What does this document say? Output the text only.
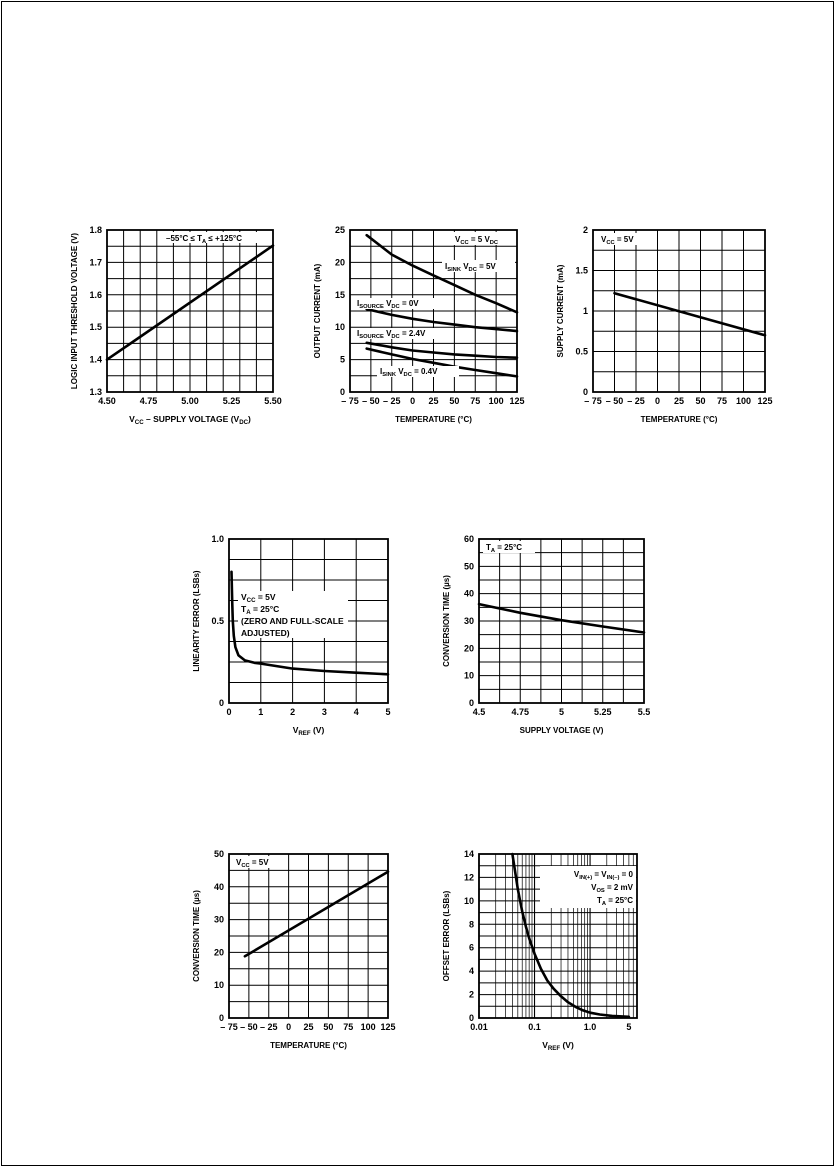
4.50	4.75	5.00	5.25	5.50
1.3
1.4
1.5
1.6
1.7
1.8
$V_{CC}$ – SUPPLY VOLTAGE $(V_{DC})$
LOGIC INPUT THRESHOLD VOLTAGE (V)
– 75 – 50 – 25 0 25 50 75 100 125
0
5
10
15
20
25
TEMPERATURE (°C)
OUTPUT CURRENT (mA)
– 75 – 50 – 25 0 25 50 75 100 125
0
0.5
1
1.5
2
TEMPERATURE (°C)
SUPPLY CURRENT (mA)
0	1	2	3	4	5
0
0.5
1.0
$V_{REF}$ (V)
LINEARITY ERROR (LSBs)
4.5	4.75	5	5.25	5.5
0
10
20
30
40
50
60
SUPPLY VOLTAGE (V)
CONVERSION TIME (µs)
– 75 – 50 – 25 0 25 50 75 100 125
0
10
20
30
40
50
TEMPERATURE (°C)
CONVERSION TIME (µs)
0.01	0.1	1.0	5
0
2
4
6
8
10
12
14
$V_{REF}$ (V)
OFFSET ERROR (LSBs)
$-55^\circ C \le T_A \le +125^\circ C$	$V_{CC} = 5$ $V_{DC}$
$I_{SINK}$ $V_{DC} = 5V$
$I_{SOURCE}$ $V_{DC} = 0V$
$I_{SOURCE}$ $V_{DC} = 2.4V$
$I_{SINK}$ $V_{DC} = 0.4V$
$V_{CC} = 5V$
$V_{CC} = 5V$
$T_A = 25^\circ C$
(ZERO AND FULL-SCALE
ADJUSTED)
$T_A = 25^\circ C$
$V_{CC} = 5V$
$V_{IN(+)} = V_{IN(-)} = 0$
$V_{OS} = 2$ mV
$T_A = 25^\circ C$
